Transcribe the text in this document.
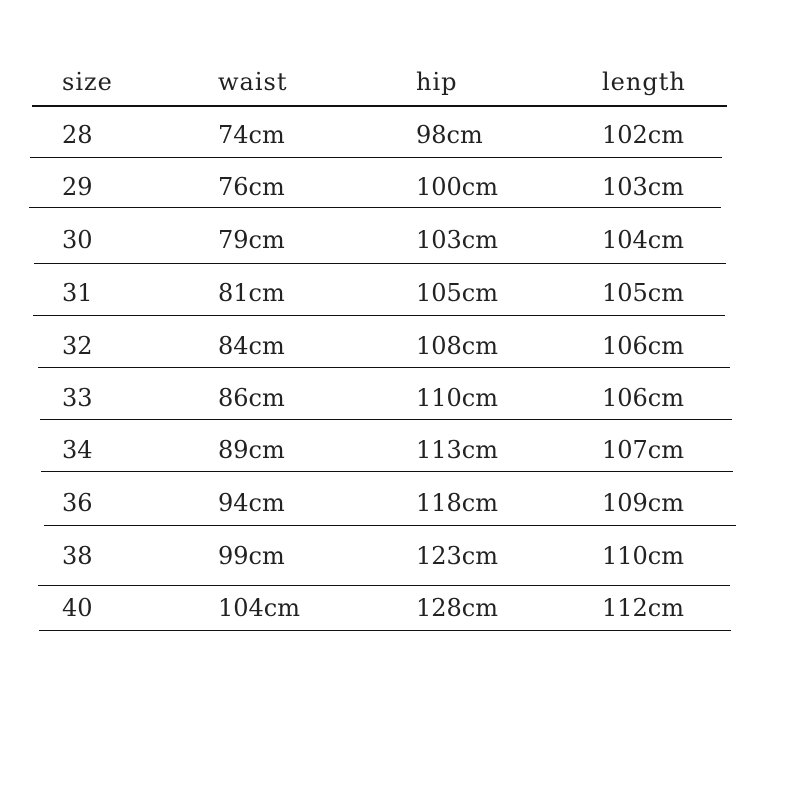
size	waist	hip	length
28	74cm	98cm	102cm
29	76cm	100cm	103cm
30	79cm	103cm	104cm
31	81cm	105cm	105cm
32	84cm	108cm	106cm
33	86cm	110cm	106cm
34	89cm	113cm	107cm
36	94cm	118cm	109cm
38	99cm	123cm	110cm
40	104cm	128cm	112cm
